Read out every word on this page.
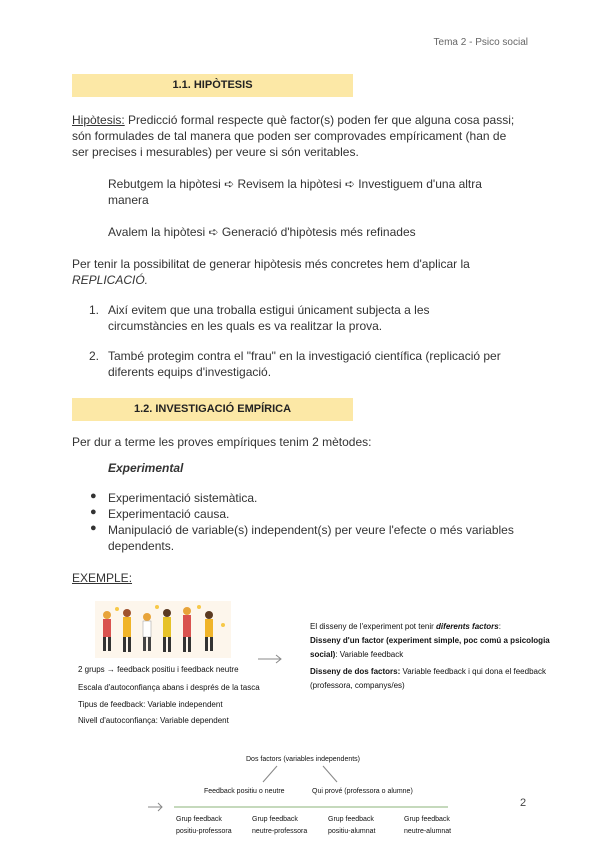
Tema 2 - Psico social
1.1. HIPÒTESIS
Hipòtesis: Predicció formal respecte què factor(s) poden fer que alguna cosa passi;
són formulades de tal manera que poden ser comprovades empíricament (han de
ser precises i mesurables) per veure si són veritables.
Rebutgem la hipòtesi ➪ Revisem la hipòtesi ➪ Investiguem d'una altra
manera
Avalem la hipòtesi ➪ Generació d'hipòtesis més refinades
Per tenir la possibilitat de generar hipòtesis més concretes hem d'aplicar la
REPLICACIÓ.
1. Així evitem que una troballa estigui únicament subjecta a les
circumstàncies en les quals es va realitzar la prova.
2. També protegim contra el "frau" en la investigació científica (replicació per
diferents equips d'investigació.
1.2. INVESTIGACIÓ EMPÍRICA
Per dur a terme les proves empíriques tenim 2 mètodes:
Experimental
● Experimentació sistemàtica.
● Experimentació causa.
● Manipulació de variable(s) independent(s) per veure l'efecte o més variables
dependents.
EXEMPLE:
2 grups → feedback positiu i feedback neutre
Escala d'autoconfiança abans i després de la tasca
Tipus de feedback: Variable independent
Nivell d'autoconfiança: Variable dependent
El disseny de l'experiment pot tenir diferents factors:
Disseny d'un factor (experiment simple, poc comú a psicologia
social): Variable feedback
Disseny de dos factors: Variable feedback i qui dona el feedback
(professora, companys/es)
Dos factors (variables independents)
Feedback positiu o neutre	Qui prové (professora o alumne)
Grup feedback
positiu-professora
Grup feedback
neutre-professora
Grup feedback
positiu-alumnat
Grup feedback
neutre-alumnat
2
